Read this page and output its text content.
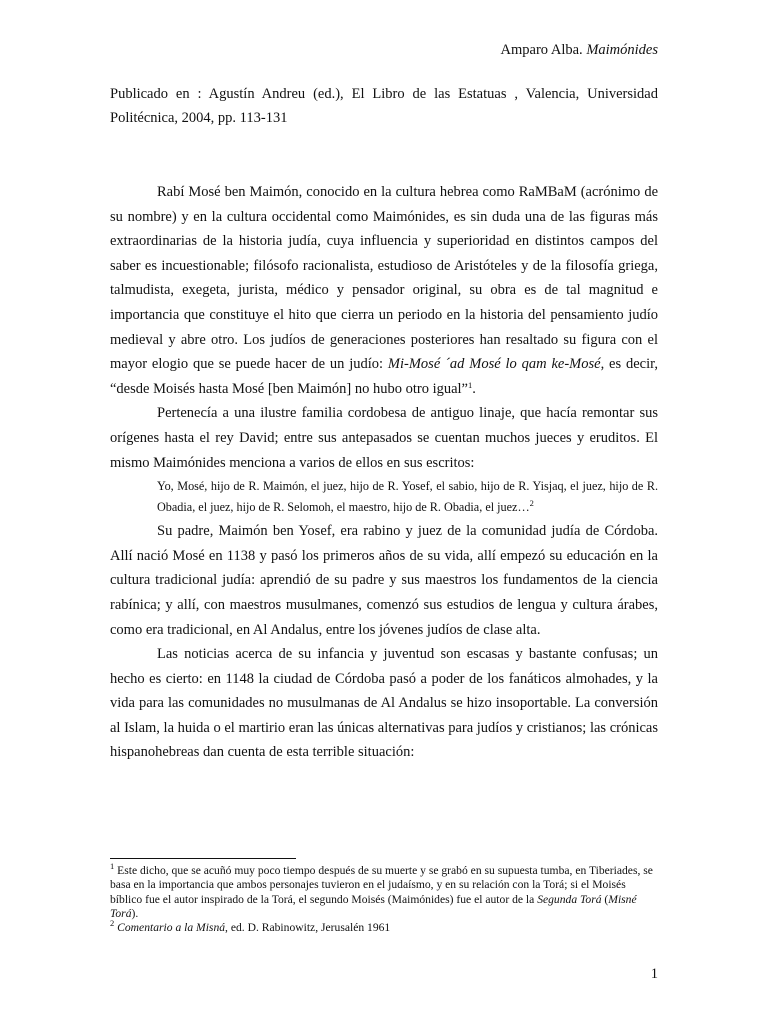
Amparo Alba. Maimónides
Publicado en : Agustín Andreu (ed.), El Libro de las Estatuas , Valencia, Universidad Politécnica, 2004, pp. 113-131

Rabí Mosé ben Maimón, conocido en la cultura hebrea como RaMBaM (acrónimo de su nombre) y en la cultura occidental como Maimónides, es sin duda una de las figuras más extraordinarias de la historia judía, cuya influencia y superioridad en distintos campos del saber es incuestionable; filósofo racionalista, estudioso de Aristóteles y de la filosofía griega, talmudista, exegeta, jurista, médico y pensador original, su obra es de tal magnitud e importancia que constituye el hito que cierra un periodo en la historia del pensamiento judío medieval y abre otro. Los judíos de generaciones posteriores han resaltado su figura con el mayor elogio que se puede hacer de un judío: Mi-Mosé ´ad Mosé lo qam ke-Mosé, es decir, “desde Moisés hasta Mosé [ben Maimón] no hubo otro igual”$^1$.

Pertenecía a una ilustre familia cordobesa de antiguo linaje, que hacía remontar sus orígenes hasta el rey David; entre sus antepasados se cuentan muchos jueces y eruditos. El mismo Maimónides menciona a varios de ellos en sus escritos:

Yo, Mosé, hijo de R. Maimón, el juez, hijo de R. Yosef, el sabio, hijo de R. Yisjaq, el juez, hijo de R. Obadia, el juez, hijo de R. Selomoh, el maestro, hijo de R. Obadia, el juez…$^2$

Su padre, Maimón ben Yosef, era rabino y juez de la comunidad judía de Córdoba. Allí nació Mosé en 1138 y pasó los primeros años de su vida, allí empezó su educación en la cultura tradicional judía: aprendió de su padre y sus maestros los fundamentos de la ciencia rabínica; y allí, con maestros musulmanes, comenzó sus estudios de lengua y cultura árabes, como era tradicional, en Al Andalus, entre los jóvenes judíos de clase alta.

Las noticias acerca de su infancia y juventud son escasas y bastante confusas; un hecho es cierto: en 1148 la ciudad de Córdoba pasó a poder de los fanáticos almohades, y la vida para las comunidades no musulmanas de Al Andalus se hizo insoportable. La conversión al Islam, la huida o el martirio eran las únicas alternativas para judíos y cristianos; las crónicas hispanohebreas dan cuenta de esta terrible situación:

$^1$ Este dicho, que se acuñó muy poco tiempo después de su muerte y se grabó en su supuesta tumba, en Tiberiades, se basa en la importancia que ambos personajes tuvieron en el judaísmo, y en su relación con la Torá; si el Moisés bíblico fue el autor inspirado de la Torá, el segundo Moisés (Maimónides) fue el autor de la Segunda Torá (Misné Torá).

$^2$ Comentario a la Misná, ed. D. Rabinowitz, Jerusalén 1961

1
